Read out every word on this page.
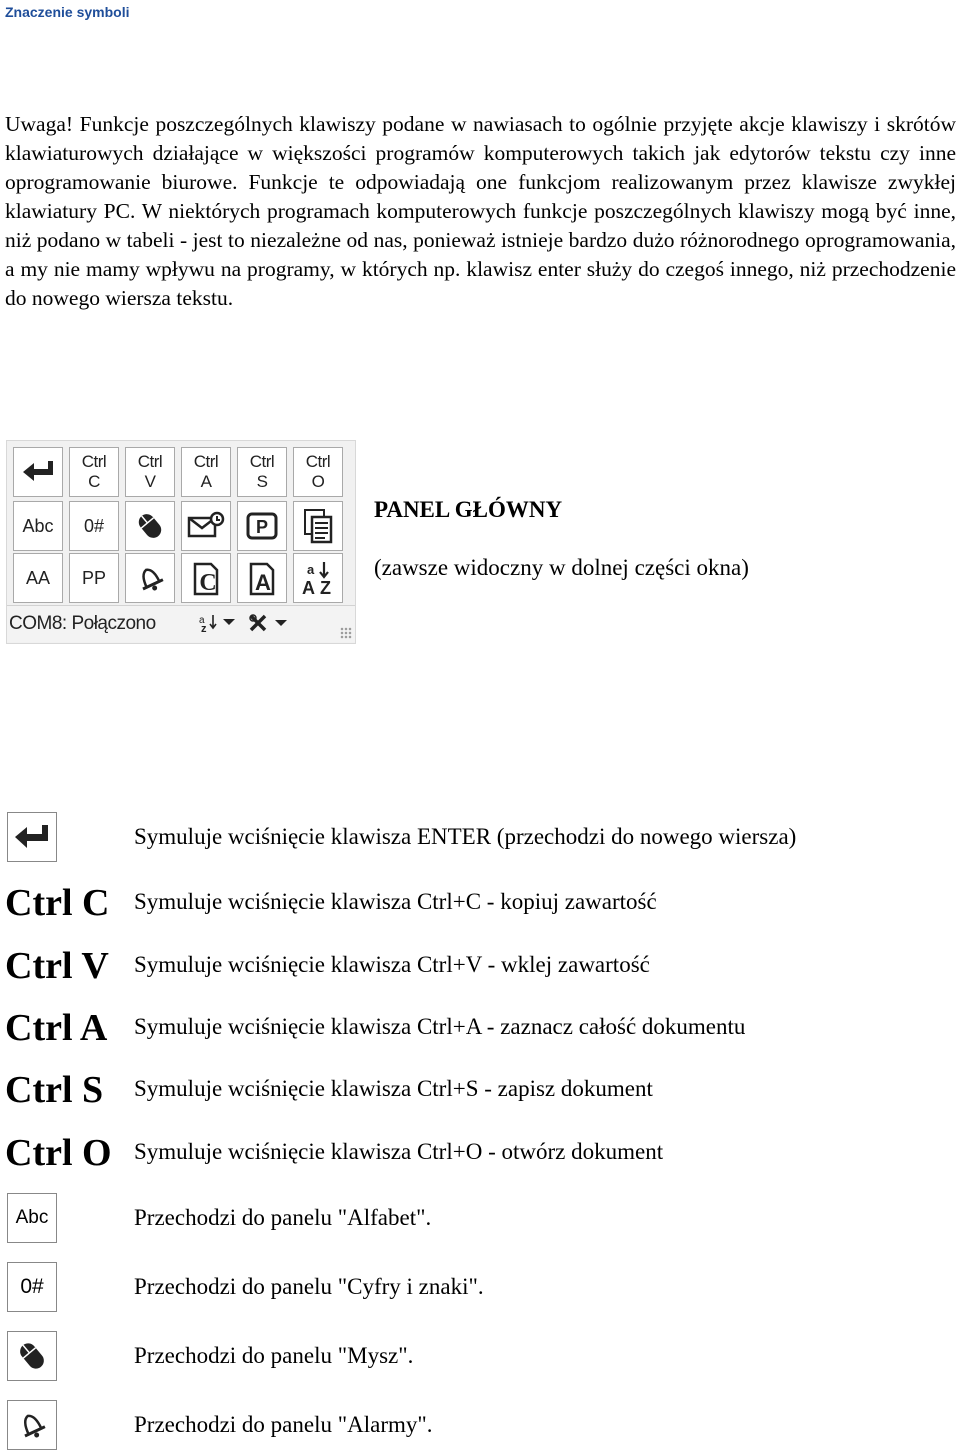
Znaczenie symboli

Uwaga! Funkcje poszczególnych klawiszy podane w nawiasach to ogólnie przyjęte akcje klawiszy i skrótów klawiaturowych działające w większości programów komputerowych takich jak edytorów tekstu czy inne oprogramowanie biurowe. Funkcje te odpowiadają one funkcjom realizowanym przez klawisze zwykłej klawiatury PC. W niektórych programach komputerowych funkcje poszczególnych klawiszy mogą być inne, niż podano w tabeli - jest to niezależne od nas, ponieważ istnieje bardzo dużo różnorodnego oprogramowania, a my nie mamy wpływu na programy, w których np. klawisz enter służy do czegoś innego, niż przechodzenie do nowego wiersza tekstu.

Ctrl
C
Ctrl
V
Ctrl
A
Ctrl
S
Ctrl
O
Abc 0#	P
AA PP	C A
a
A Z
COM8: Połączono	a
z
PANEL GŁÓWNY
(zawsze widoczny w dolnej części okna)
Symuluje wciśnięcie klawisza ENTER (przechodzi do nowego wiersza)
Ctrl C Symuluje wciśnięcie klawisza Ctrl+C - kopiuj zawartość
Ctrl V Symuluje wciśnięcie klawisza Ctrl+V - wklej zawartość
Ctrl A Symuluje wciśnięcie klawisza Ctrl+A - zaznacz całość dokumentu
Ctrl S Symuluje wciśnięcie klawisza Ctrl+S - zapisz dokument
Ctrl O Symuluje wciśnięcie klawisza Ctrl+O - otwórz dokument
Abc	Przechodzi do panelu "Alfabet".
0#	Przechodzi do panelu "Cyfry i znaki".
Przechodzi do panelu "Mysz".
Przechodzi do panelu "Alarmy".
